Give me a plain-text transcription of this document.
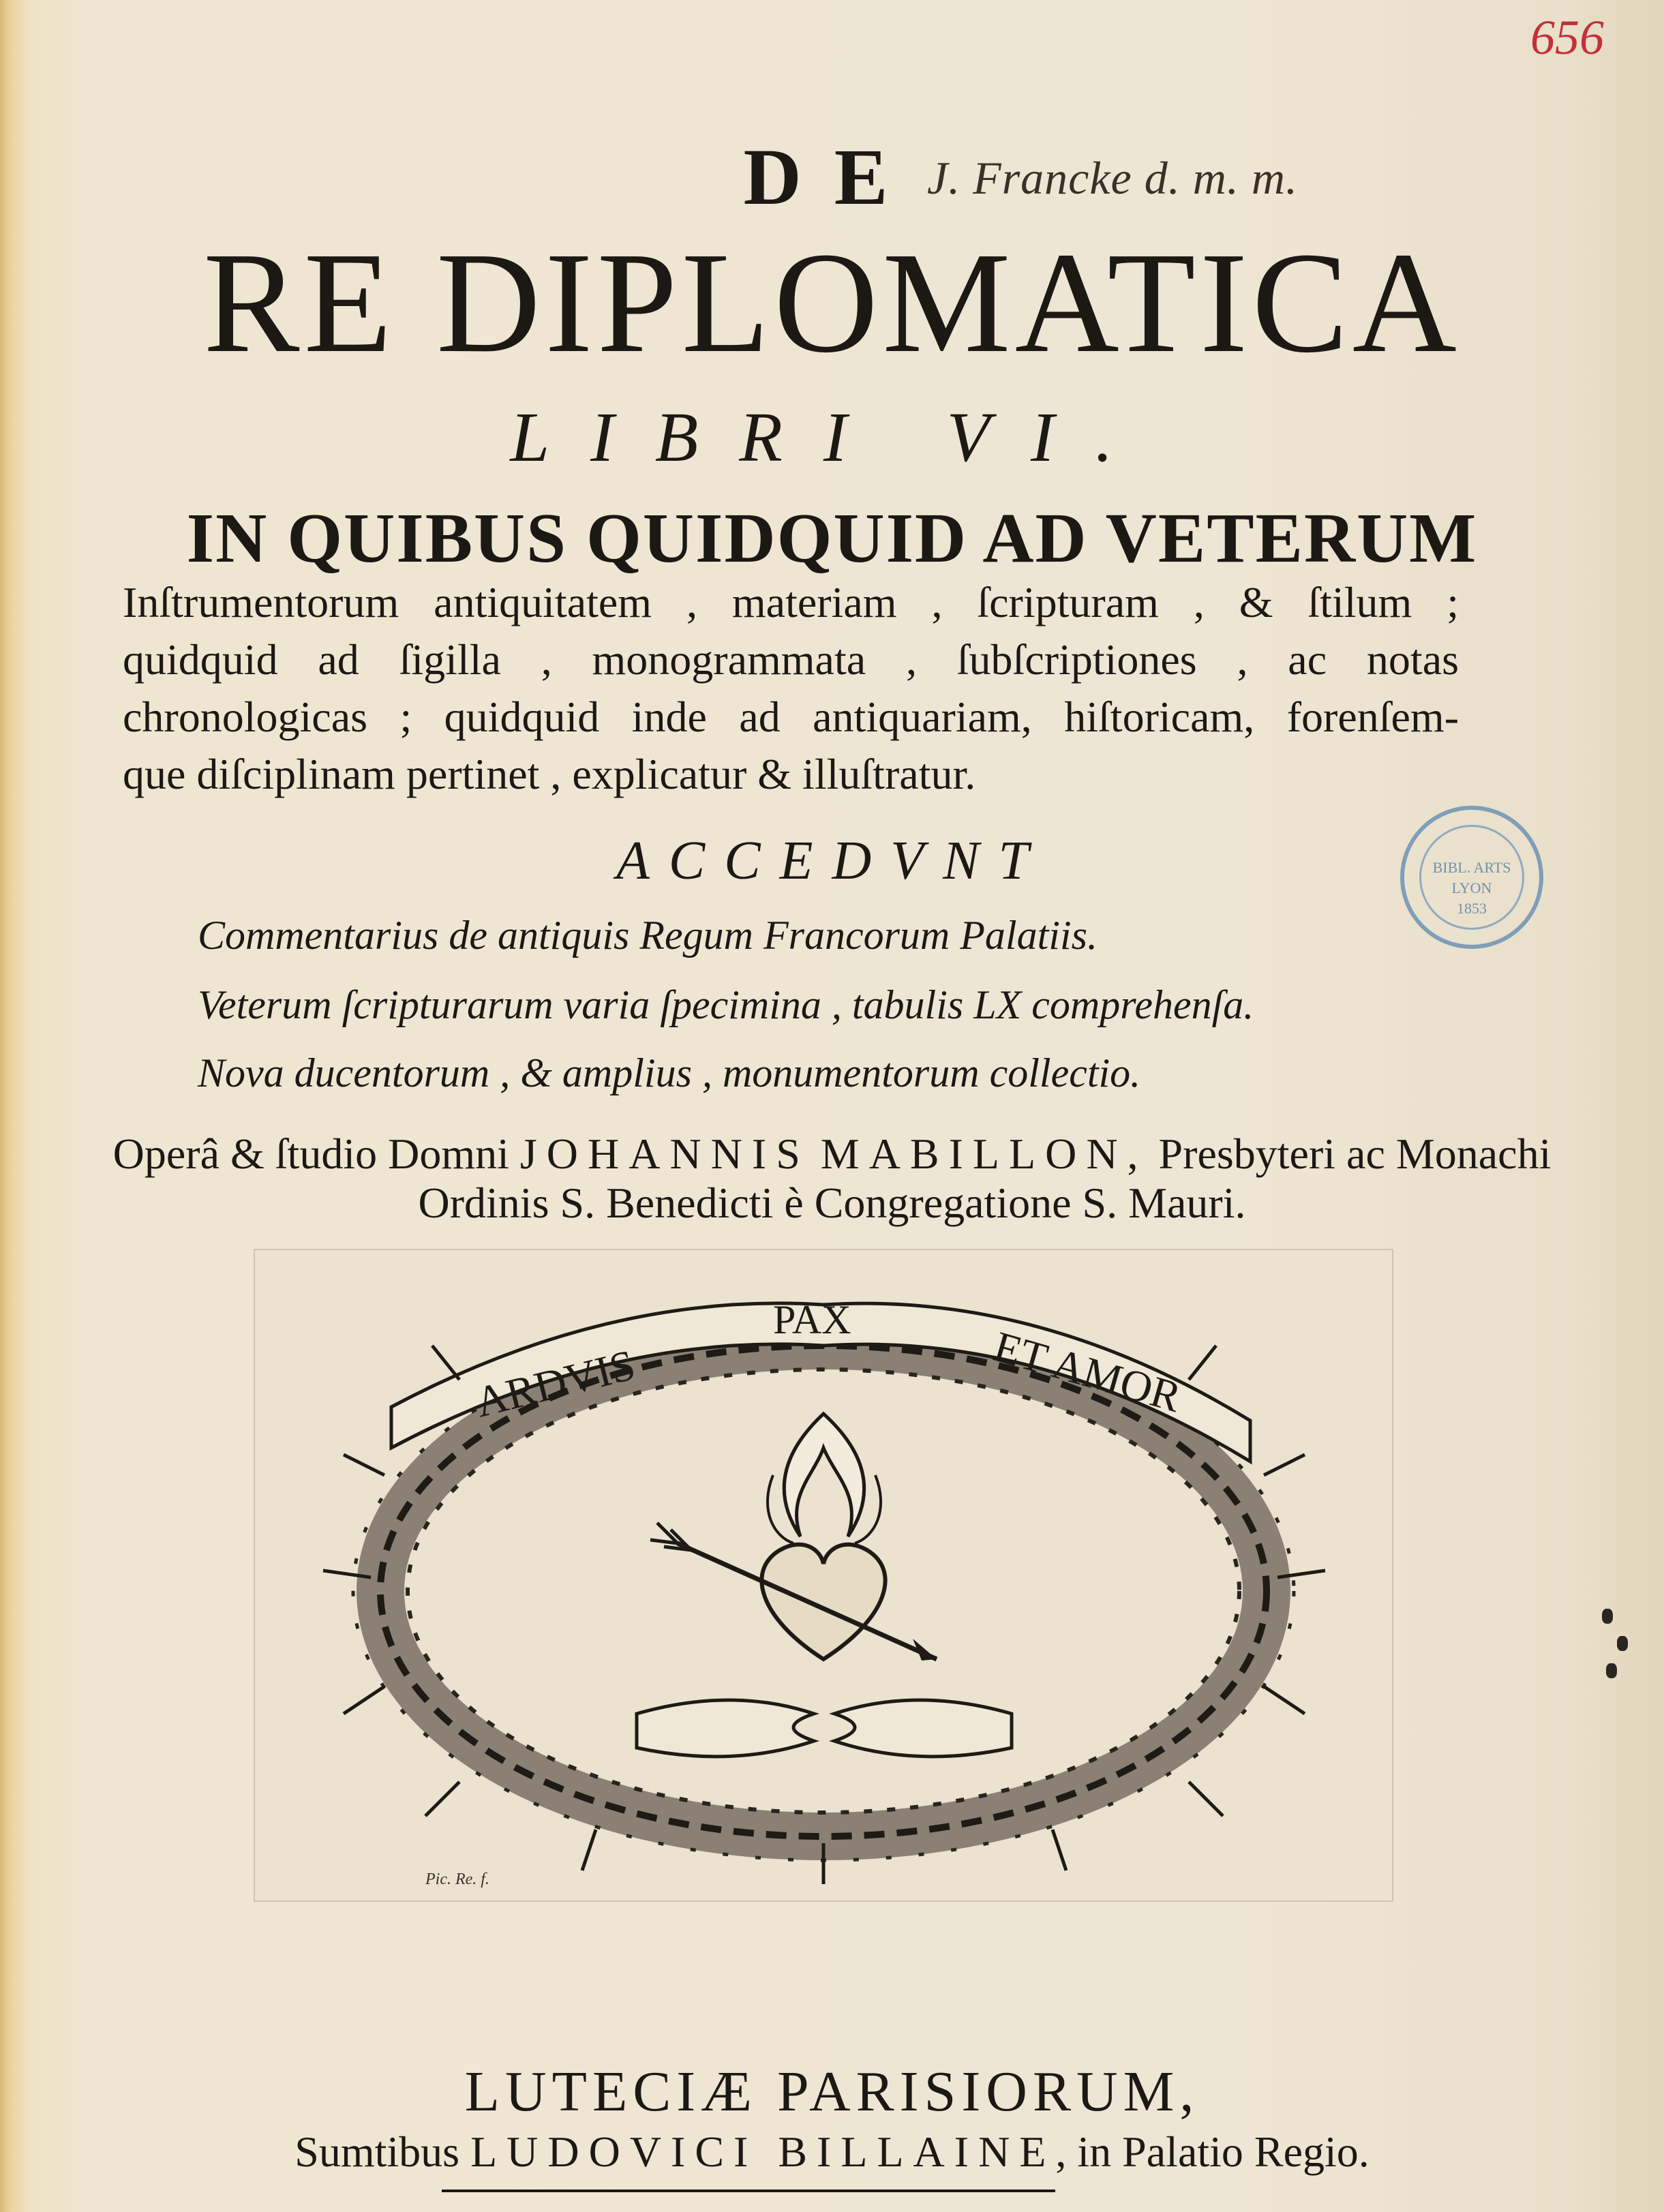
656
J. Francke d. m. m.
DE
RE DIPLOMATICA
LIBRI VI.
IN QUIBUS QUIDQUID AD VETERUM
Inſtrumentorum antiquitatem , materiam , ſcripturam , & ſtilum ;
quidquid ad ſigilla , monogrammata , ſubſcriptiones , ac notas
chronologicas ; quidquid inde ad antiquariam, hiſtoricam, forenſem-
que diſciplinam pertinet , explicatur & illuſtratur.
BIBL. ARTS
LYON
1853
ACCEDVNT
Commentarius de antiquis Regum Francorum Palatiis.
Veterum ſcripturarum varia ſpecimina , tabulis LX comprehenſa.
Nova ducentorum , & amplius , monumentorum collectio.
Operâ & ſtudio Domni JOHANNIS MABILLON, Presbyteri ac Monachi
Ordinis S. Benedicti è Congregatione S. Mauri.
ARDVIS
PAX
ET AMOR
Pic. Re. f.
LUTECIÆ PARISIORUM,
Sumtibus LUDOVICI BILLAINE, in Palatio Regio.
